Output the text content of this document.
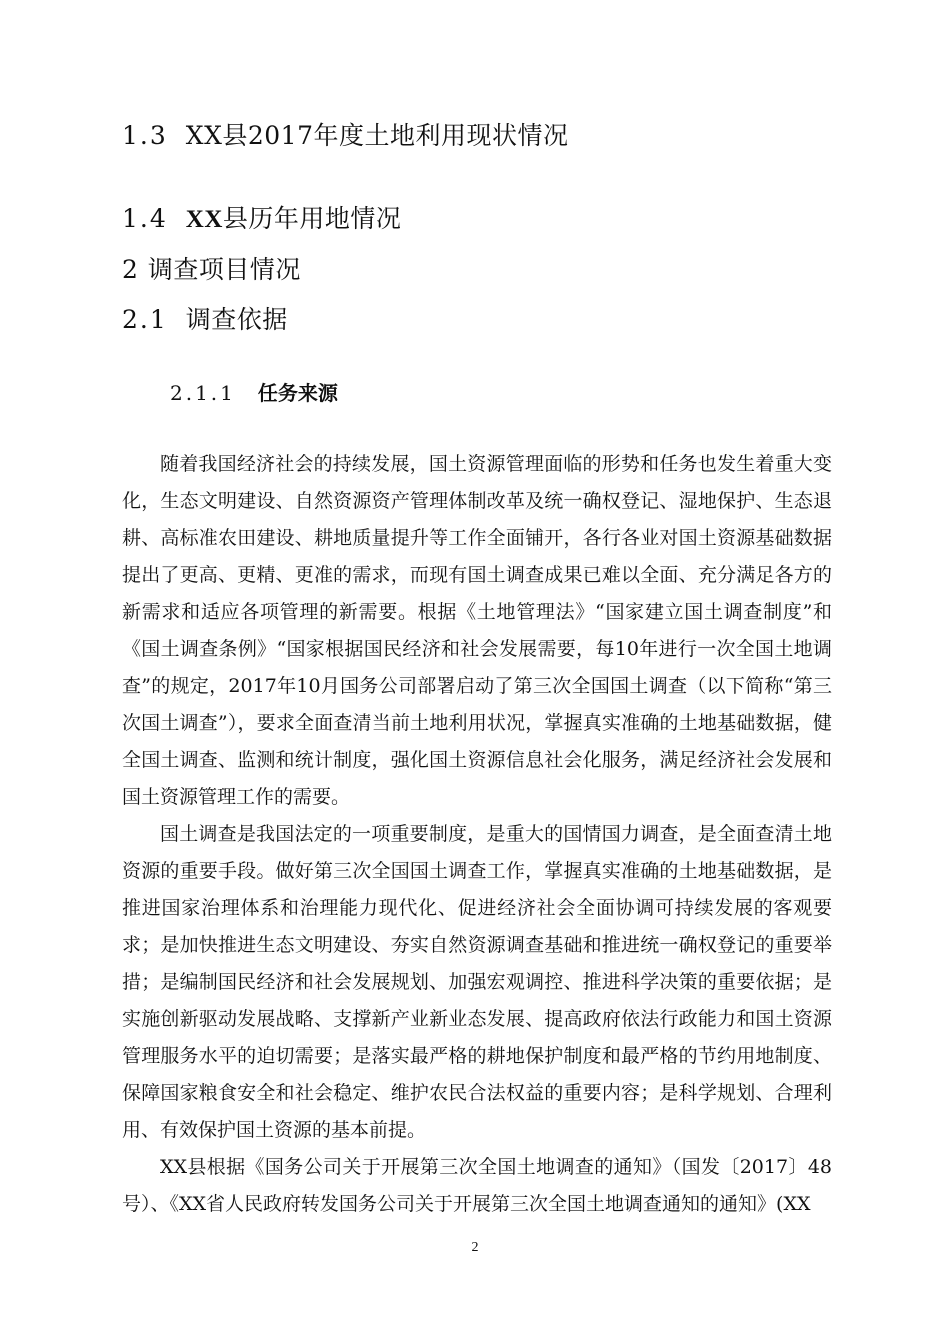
1.3 XX县2017年度土地利用现状情况
1.4 XX县历年用地情况
2 调查项目情况
2.1 调查依据
2.1.1 任务来源

随着我国经济社会的持续发展，国土资源管理面临的形势和任务也发生着重大变化，生态文明建设、自然资源资产管理体制改革及统一确权登记、湿地保护、生态退耕、高标准农田建设、耕地质量提升等工作全面铺开，各行各业对国土资源基础数据提出了更高、更精、更准的需求，而现有国土调查成果已难以全面、充分满足各方的新需求和适应各项管理的新需要。根据《土地管理法》“国家建立国土调查制度”和《国土调查条例》“国家根据国民经济和社会发展需要，每10年进行一次全国土地调查”的规定，2017年10月国务公司部署启动了第三次全国国土调查（以下简称“第三次国土调查”），要求全面查清当前土地利用状况，掌握真实准确的土地基础数据，健全国土调查、监测和统计制度，强化国土资源信息社会化服务，满足经济社会发展和国土资源管理工作的需要。

国土调查是我国法定的一项重要制度，是重大的国情国力调查，是全面查清土地资源的重要手段。做好第三次全国国土调查工作，掌握真实准确的土地基础数据，是推进国家治理体系和治理能力现代化、促进经济社会全面协调可持续发展的客观要求；是加快推进生态文明建设、夯实自然资源调查基础和推进统一确权登记的重要举措；是编制国民经济和社会发展规划、加强宏观调控、推进科学决策的重要依据；是实施创新驱动发展战略、支撑新产业新业态发展、提高政府依法行政能力和国土资源管理服务水平的迫切需要；是落实最严格的耕地保护制度和最严格的节约用地制度、保障国家粮食安全和社会稳定、维护农民合法权益的重要内容；是科学规划、合理利用、有效保护国土资源的基本前提。

XX县根据《国务公司关于开展第三次全国土地调查的通知》（国发〔2017〕48号）、《XX省人民政府转发国务公司关于开展第三次全国土地调查通知的通知》(XX

2
